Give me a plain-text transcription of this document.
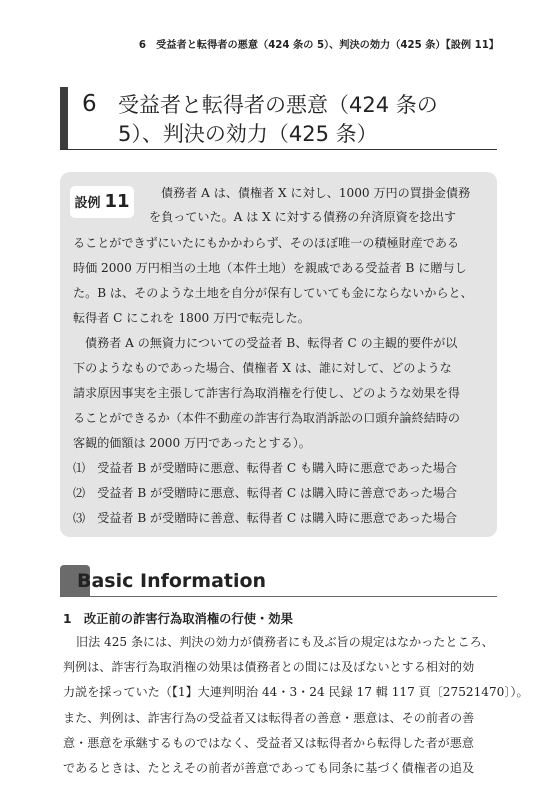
6　受益者と転得者の悪意（424 条の 5）、判決の効力（425 条）【設例 11】
6 受益者と転得者の悪意（424 条の
5）、判決の効力（425 条）
設例 11	債務者 A は、債権者 X に対し、1000 万円の買掛金債務
を負っていた。A は X に対する債務の弁済原資を捻出す
ることができずにいたにもかかわらず、そのほぼ唯一の積極財産である
時価 2000 万円相当の土地（本件土地）を親戚である受益者 B に贈与し
た。B は、そのような土地を自分が保有していても金にならないからと、
転得者 C にこれを 1800 万円で転売した。
債務者 A の無資力についての受益者 B、転得者 C の主観的要件が以
下のようなものであった場合、債権者 X は、誰に対して、どのような
請求原因事実を主張して詐害行為取消権を行使し、どのような効果を得
ることができるか（本件不動産の詐害行為取消訴訟の口頭弁論終結時の
客観的価額は 2000 万円であったとする）。
⑴　受益者 B が受贈時に悪意、転得者 C も購入時に悪意であった場合
⑵　受益者 B が受贈時に悪意、転得者 C は購入時に善意であった場合
⑶　受益者 B が受贈時に善意、転得者 C は購入時に悪意であった場合
Basic Information
1　改正前の詐害行為取消権の行使・効果
旧法 425 条には、判決の効力が債務者にも及ぶ旨の規定はなかったところ、
判例は、詐害行為取消権の効果は債務者との間には及ばないとする相対的効
力説を採っていた（【1】大連判明治 44・3・24 民録 17 輯 117 頁〔27521470〕）。
また、判例は、詐害行為の受益者又は転得者の善意・悪意は、その前者の善
意・悪意を承継するものではなく、受益者又は転得者から転得した者が悪意
であるときは、たとえその前者が善意であっても同条に基づく債権者の追及
